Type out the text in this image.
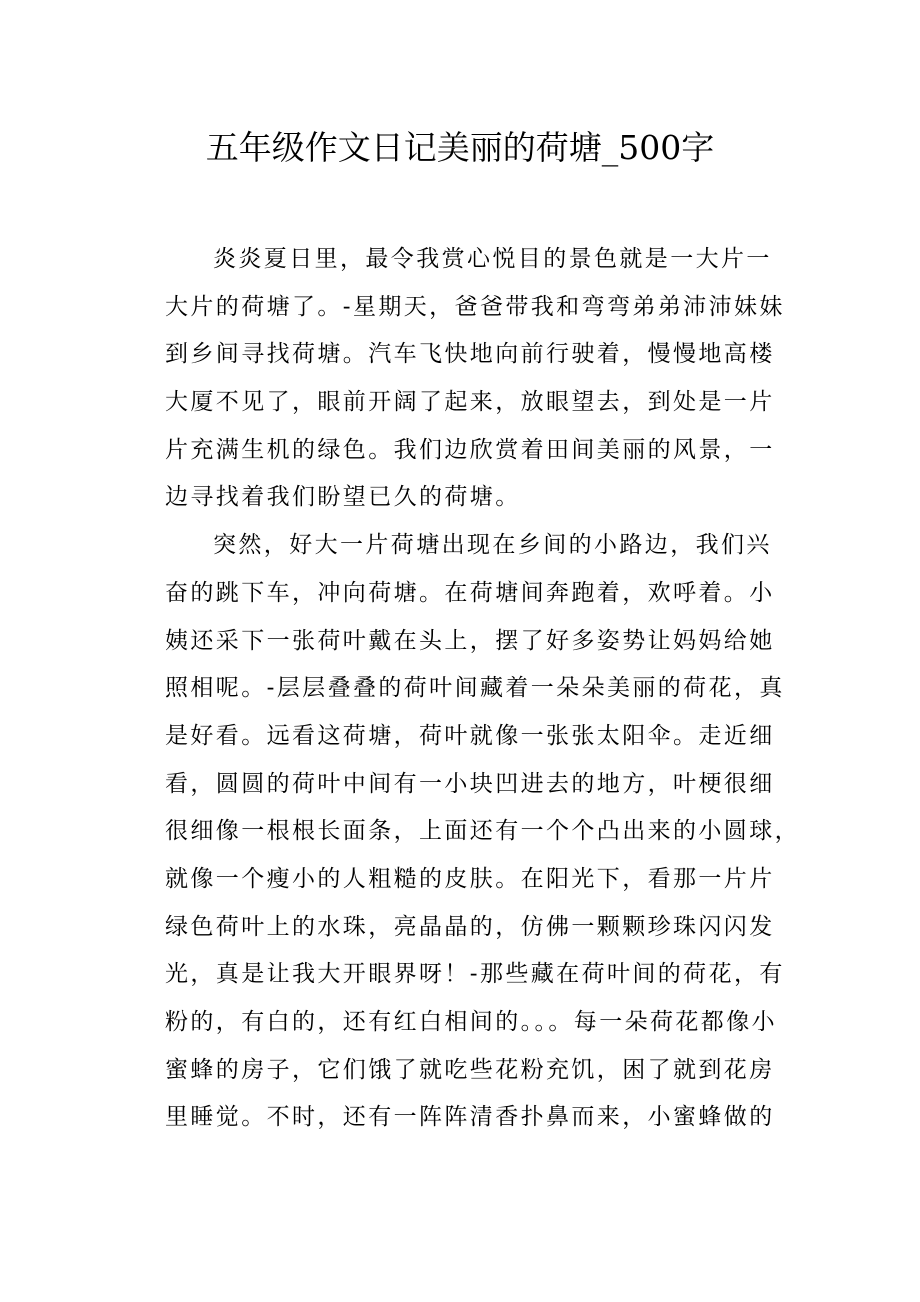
五年级作文日记美丽的荷塘_500字
炎炎夏日里，最令我赏心悦目的景色就是一大片一
大片的荷塘了。-星期天，爸爸带我和弯弯弟弟沛沛妹妹
到乡间寻找荷塘。汽车飞快地向前行驶着，慢慢地高楼
大厦不见了，眼前开阔了起来，放眼望去，到处是一片
片充满生机的绿色。我们边欣赏着田间美丽的风景，一
边寻找着我们盼望已久的荷塘。
突然，好大一片荷塘出现在乡间的小路边，我们兴
奋的跳下车，冲向荷塘。在荷塘间奔跑着，欢呼着。小
姨还采下一张荷叶戴在头上，摆了好多姿势让妈妈给她
照相呢。-层层叠叠的荷叶间藏着一朵朵美丽的荷花，真
是好看。远看这荷塘，荷叶就像一张张太阳伞。走近细
看，圆圆的荷叶中间有一小块凹进去的地方，叶梗很细
很细像一根根长面条，上面还有一个个凸出来的小圆球，
就像一个瘦小的人粗糙的皮肤。在阳光下，看那一片片
绿色荷叶上的水珠，亮晶晶的，仿佛一颗颗珍珠闪闪发
光，真是让我大开眼界呀！-那些藏在荷叶间的荷花，有
粉的，有白的，还有红白相间的。。。每一朵荷花都像小
蜜蜂的房子，它们饿了就吃些花粉充饥，困了就到花房
里睡觉。不时，还有一阵阵清香扑鼻而来，小蜜蜂做的
